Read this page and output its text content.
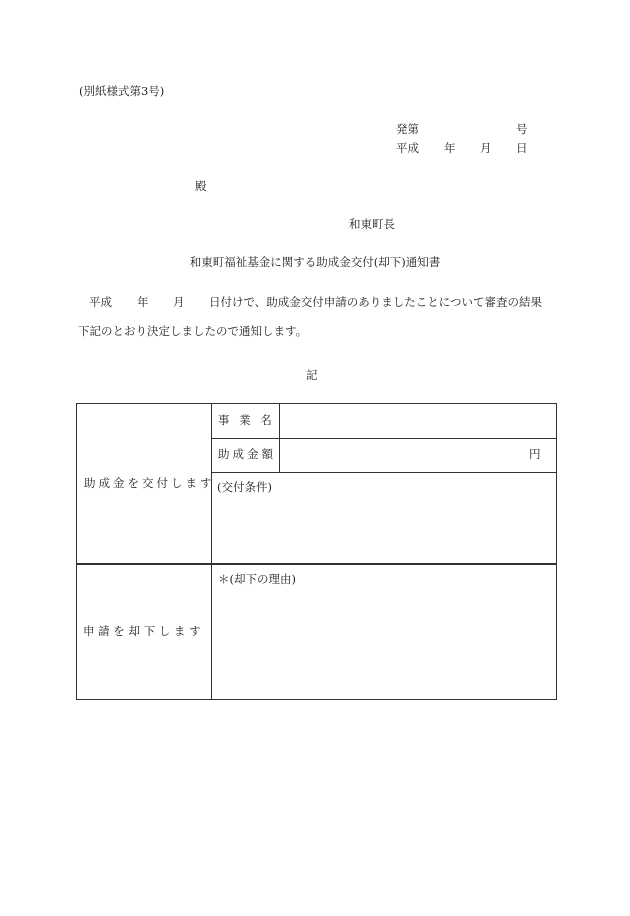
(別紙様式第3号)
発第	号
平成 年 月 日
殿
和東町長
和東町福祉基金に関する助成金交付(却下)通知書
平成 年 月 日付けで、助成金交付申請のありましたことについて審査の結果
下記のとおり決定しましたので通知します。
記
助成金を交付します
事 業 名
助成金額	円
(交付条件)
申 請 を 却 下 し ま す
＊(却下の理由)
